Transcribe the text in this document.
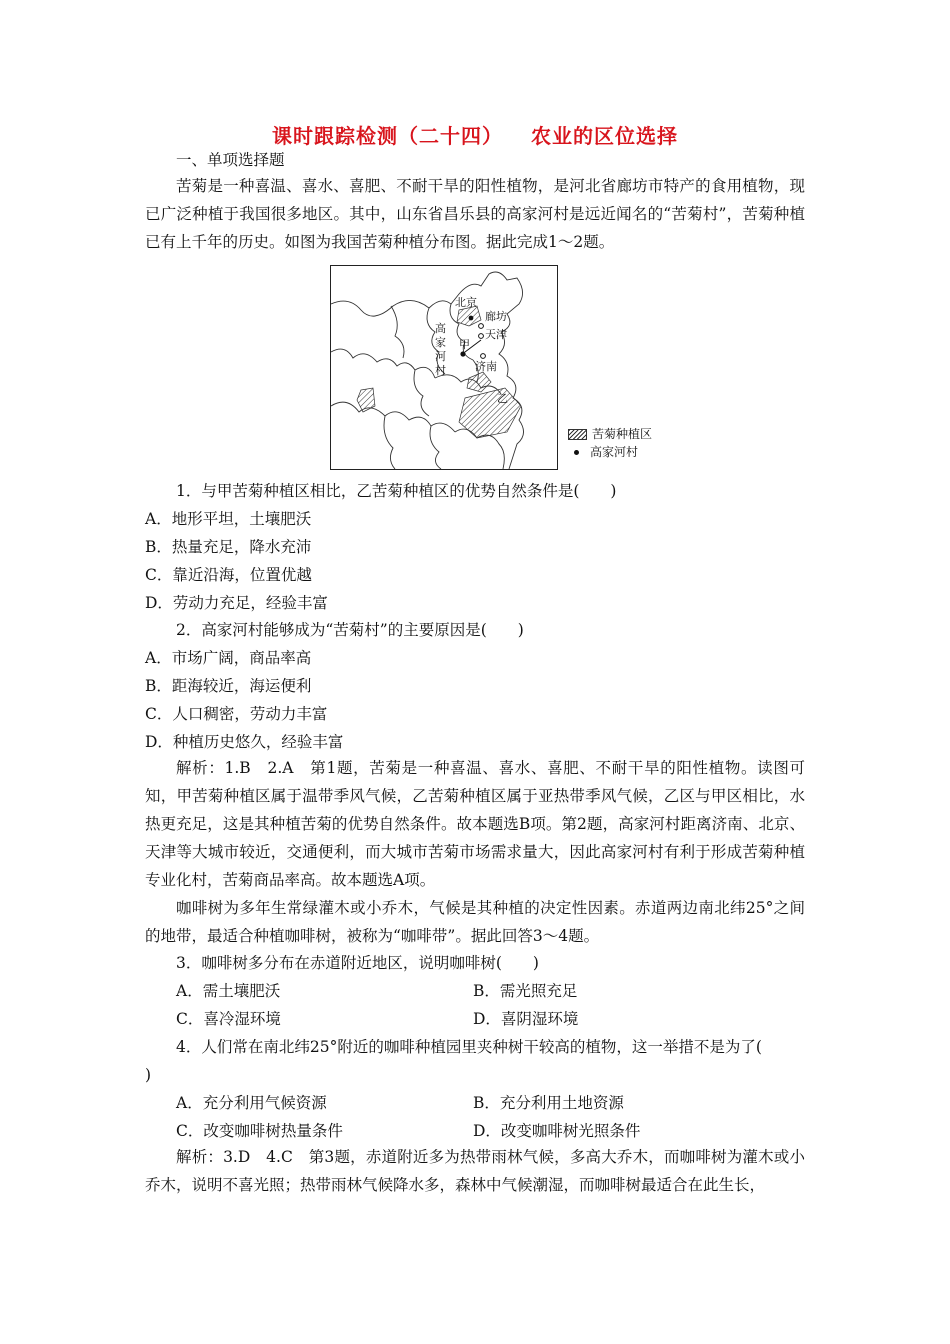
课时跟踪检测（二十四） 农业的区位选择
一、单项选择题
苦菊是一种喜温、喜水、喜肥、不耐干旱的阳性植物，是河北省廊坊市特产的食用植物，现已广泛种植于我国很多地区。其中，山东省昌乐县的高家河村是远近闻名的“苦菊村”，苦菊种植已有上千年的历史。如图为我国苦菊种植分布图。据此完成1～2题。
北京
廊坊
天津
甲
济南
乙
高
家
河
村
苦菊种植区
高家河村
1．与甲苦菊种植区相比，乙苦菊种植区的优势自然条件是(　　)
A．地形平坦，土壤肥沃
B．热量充足，降水充沛
C．靠近沿海，位置优越
D．劳动力充足，经验丰富
2．高家河村能够成为“苦菊村”的主要原因是(　　)
A．市场广阔，商品率高
B．距海较近，海运便利
C．人口稠密，劳动力丰富
D．种植历史悠久，经验丰富
解析：1.B　2.A　第1题，苦菊是一种喜温、喜水、喜肥、不耐干旱的阳性植物。读图可知，甲苦菊种植区属于温带季风气候，乙苦菊种植区属于亚热带季风气候，乙区与甲区相比，水热更充足，这是其种植苦菊的优势自然条件。故本题选B项。第2题，高家河村距离济南、北京、天津等大城市较近，交通便利，而大城市苦菊市场需求量大，因此高家河村有利于形成苦菊种植专业化村，苦菊商品率高。故本题选A项。
咖啡树为多年生常绿灌木或小乔木，气候是其种植的决定性因素。赤道两边南北纬25°之间的地带，最适合种植咖啡树，被称为“咖啡带”。据此回答3～4题。
3．咖啡树多分布在赤道附近地区，说明咖啡树(　　)
A．需土壤肥沃	B．需光照充足
C．喜冷湿环境	D．喜阴湿环境
4．人们常在南北纬25°附近的咖啡种植园里夹种树干较高的植物，这一举措不是为了(
)
A．充分利用气候资源	B．充分利用土地资源
C．改变咖啡树热量条件	D．改变咖啡树光照条件
解析：3.D　4.C　第3题，赤道附近多为热带雨林气候，多高大乔木，而咖啡树为灌木或小乔木，说明不喜光照；热带雨林气候降水多，森林中气候潮湿，而咖啡树最适合在此生长，
